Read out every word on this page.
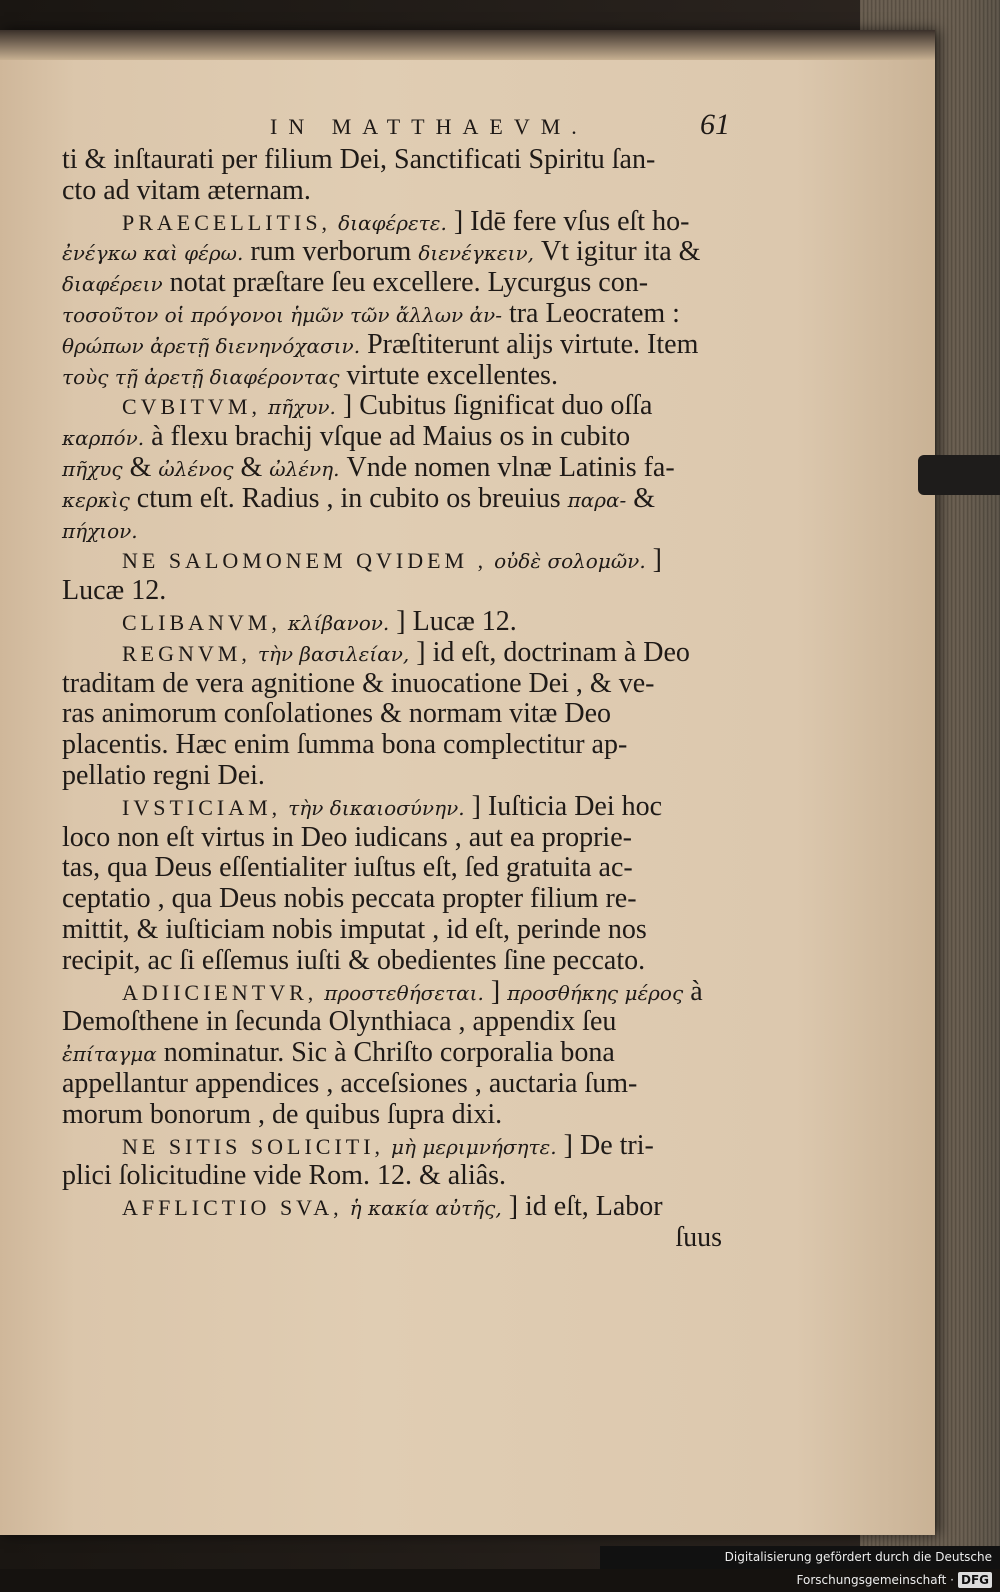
IN MATTHAEVM.	61
ti & inſtaurati per filium Dei, Sanctificati Spiritu ſan-
cto ad vitam æternam.
PRAECELLITIS, διαφέρετε. ] Idē fere vſus eſt ho-
ἐνέγκω καὶ φέρω. rum verborum διενέγκειν, Vt igitur ita &
διαφέρειν notat præſtare ſeu excellere. Lycurgus con-
τοσοῦτον οἱ πρόγονοι ἡμῶν τῶν ἄλλων ἀν- tra Leocratem :
θρώπων ἀρετῇ διενηνόχασιν. Præſtiterunt alijs virtute. Item
τοὺς τῇ ἀρετῇ διαφέροντας virtute excellentes.
CVBITVM, πῆχυν. ] Cubitus ſignificat duo oſſa
καρπόν. à flexu brachij vſque ad Maius os in cubito
πῆχυς & ὠλένος & ὠλένη. Vnde nomen vlnæ Latinis fa-
κερκὶς ctum eſt. Radius , in cubito os breuius παρα- &
πήχιον.
NE SALOMONEM QVIDEM , οὐδὲ σολομῶν. ]
Lucæ 12.
CLIBANVM, κλίβανον. ] Lucæ 12.
REGNVM, τὴν βασιλείαν, ] id eſt, doctrinam à Deo
traditam de vera agnitione & inuocatione Dei , & ve-
ras animorum conſolationes & normam vitæ Deo
placentis. Hæc enim ſumma bona complectitur ap-
pellatio regni Dei.
IVSTICIAM, τὴν δικαιοσύνην. ] Iuſticia Dei hoc
loco non eſt virtus in Deo iudicans , aut ea proprie-
tas, qua Deus eſſentialiter iuſtus eſt, ſed gratuita ac-
ceptatio , qua Deus nobis peccata propter filium re-
mittit, & iuſticiam nobis imputat , id eſt, perinde nos
recipit, ac ſi eſſemus iuſti & obedientes ſine peccato.
ADIICIENTVR, προστεθήσεται. ] προσθήκης μέρος à
Demoſthene in ſecunda Olynthiaca , appendix ſeu
ἐπίταγμα nominatur. Sic à Chriſto corporalia bona
appellantur appendices , acceſsiones , auctaria ſum-
morum bonorum , de quibus ſupra dixi.
NE SITIS SOLICITI, μὴ μεριμνήσητε. ] De tri-
plici ſolicitudine vide Rom. 12. & aliâs.
AFFLICTIO SVA, ἡ κακία αὐτῆς, ] id eſt, Labor
ſuus
Digitalisierung gefördert durch die Deutsche Forschungsgemeinschaft · DFG
